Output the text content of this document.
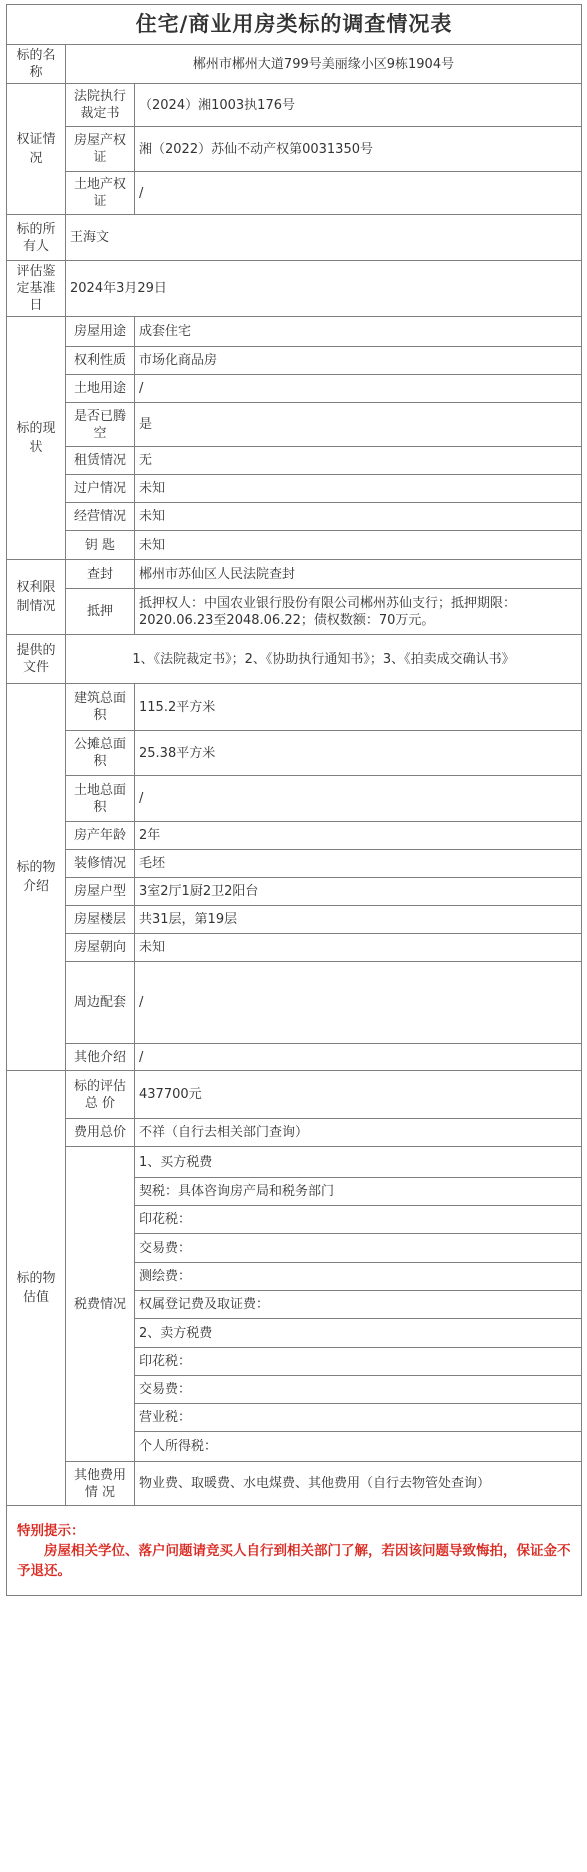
住宅/商业用房类标的调查情况表		
标的名称	郴州市郴州大道799号美丽缘小区9栋1904号	
权证情况	法院执行裁定书	（2024）湘1003执176号
	房屋产权证	湘（2022）苏仙不动产权第0031350号
	土地产权证	/
标的所有人	王海文	
评估鉴定基准日	2024年3月29日	
标的现状	房屋用途	成套住宅
	权利性质	市场化商品房
	土地用途	/
	是否已腾空	是
	租赁情况	无
	过户情况	未知
	经营情况	未知
	钥 匙	未知
权利限制情况	查封	郴州市苏仙区人民法院查封
	抵押	抵押权人：中国农业银行股份有限公司郴州苏仙支行；抵押期限：2020.06.23至2048.06.22；债权数额：70万元。
提供的文件	1、《法院裁定书》；2、《协助执行通知书》；3、《拍卖成交确认书》	
标的物介绍	建筑总面积	115.2平方米
	公摊总面积	25.38平方米
	土地总面积	/
	房产年龄	2年
	装修情况	毛坯
	房屋户型	3室2厅1厨2卫2阳台
	房屋楼层	共31层，第19层
	房屋朝向	未知
	周边配套	/
	其他介绍	/
标的物估值	标的评估总 价	437700元
	费用总价	不祥（自行去相关部门查询）
	税费情况	1、买方税费
		契税：具体咨询房产局和税务部门
		印花税：
		交易费：
		测绘费：
		权属登记费及取证费：
		2、卖方税费
		印花税：
		交易费：
		营业税：
		个人所得税：
	其他费用情 况	物业费、取暖费、水电煤费、其他费用（自行去物管处查询）

特别提示：
房屋相关学位、落户问题请竞买人自行到相关部门了解，若因该问题导致悔拍，保证金不予退还。		
